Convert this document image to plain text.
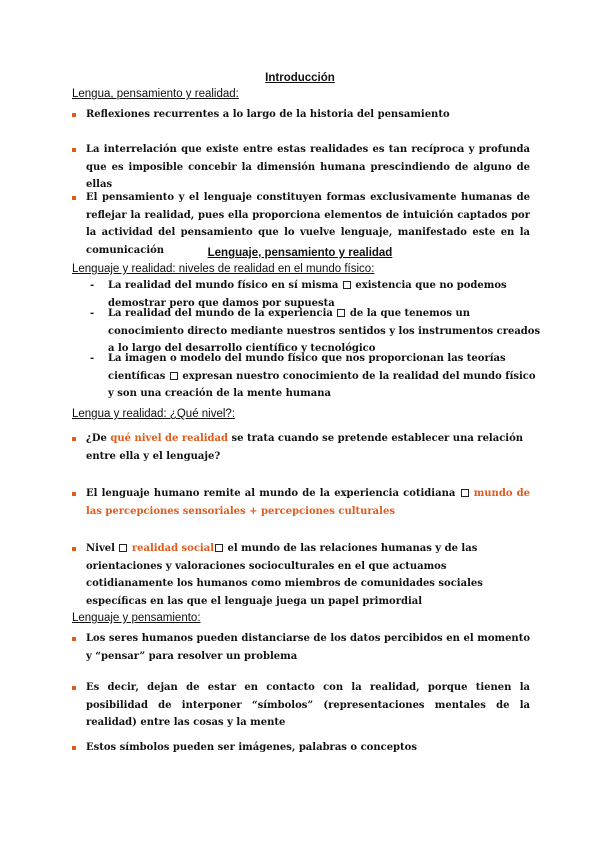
Introducción
Lengua, pensamiento y realidad:
Reflexiones recurrentes a lo largo de la historia del pensamiento
La interrelación que existe entre estas realidades es tan recíproca y profunda que es imposible concebir la dimensión humana prescindiendo de alguno de ellas
El pensamiento y el lenguaje constituyen formas exclusivamente humanas de reflejar la realidad, pues ella proporciona elementos de intuición captados por la actividad del pensamiento que lo vuelve lenguaje, manifestado este en la comunicación	Lenguaje, pensamiento y realidad
Lenguaje y realidad: niveles de realidad en el mundo físico:
-	La realidad del mundo físico en sí misma  existencia que no podemos demostrar pero que damos por supuesta
-	La realidad del mundo de la experiencia  de la que tenemos un conocimiento directo mediante nuestros sentidos y los instrumentos creados a lo largo del desarrollo científico y tecnológico
-	La imagen o modelo del mundo físico que nos proporcionan las teorías científicas  expresan nuestro conocimiento de la realidad del mundo físico y son una creación de la mente humana
Lengua y realidad: ¿Qué nivel?:
¿De qué nivel de realidad se trata cuando se pretende establecer una relación entre ella y el lenguaje?
El lenguaje humano remite al mundo de la experiencia cotidiana  mundo de las percepciones sensoriales + percepciones culturales
Nivel  realidad social el mundo de las relaciones humanas y de las orientaciones y valoraciones socioculturales en el que actuamos cotidianamente los humanos como miembros de comunidades sociales específicas en las que el lenguaje juega un papel primordial
Lenguaje y pensamiento:
Los seres humanos pueden distanciarse de los datos percibidos en el momento y “pensar” para resolver un problema
Es decir, dejan de estar en contacto con la realidad, porque tienen la posibilidad de interponer “símbolos” (representaciones mentales de la realidad) entre las cosas y la mente
Estos símbolos pueden ser imágenes, palabras o conceptos
